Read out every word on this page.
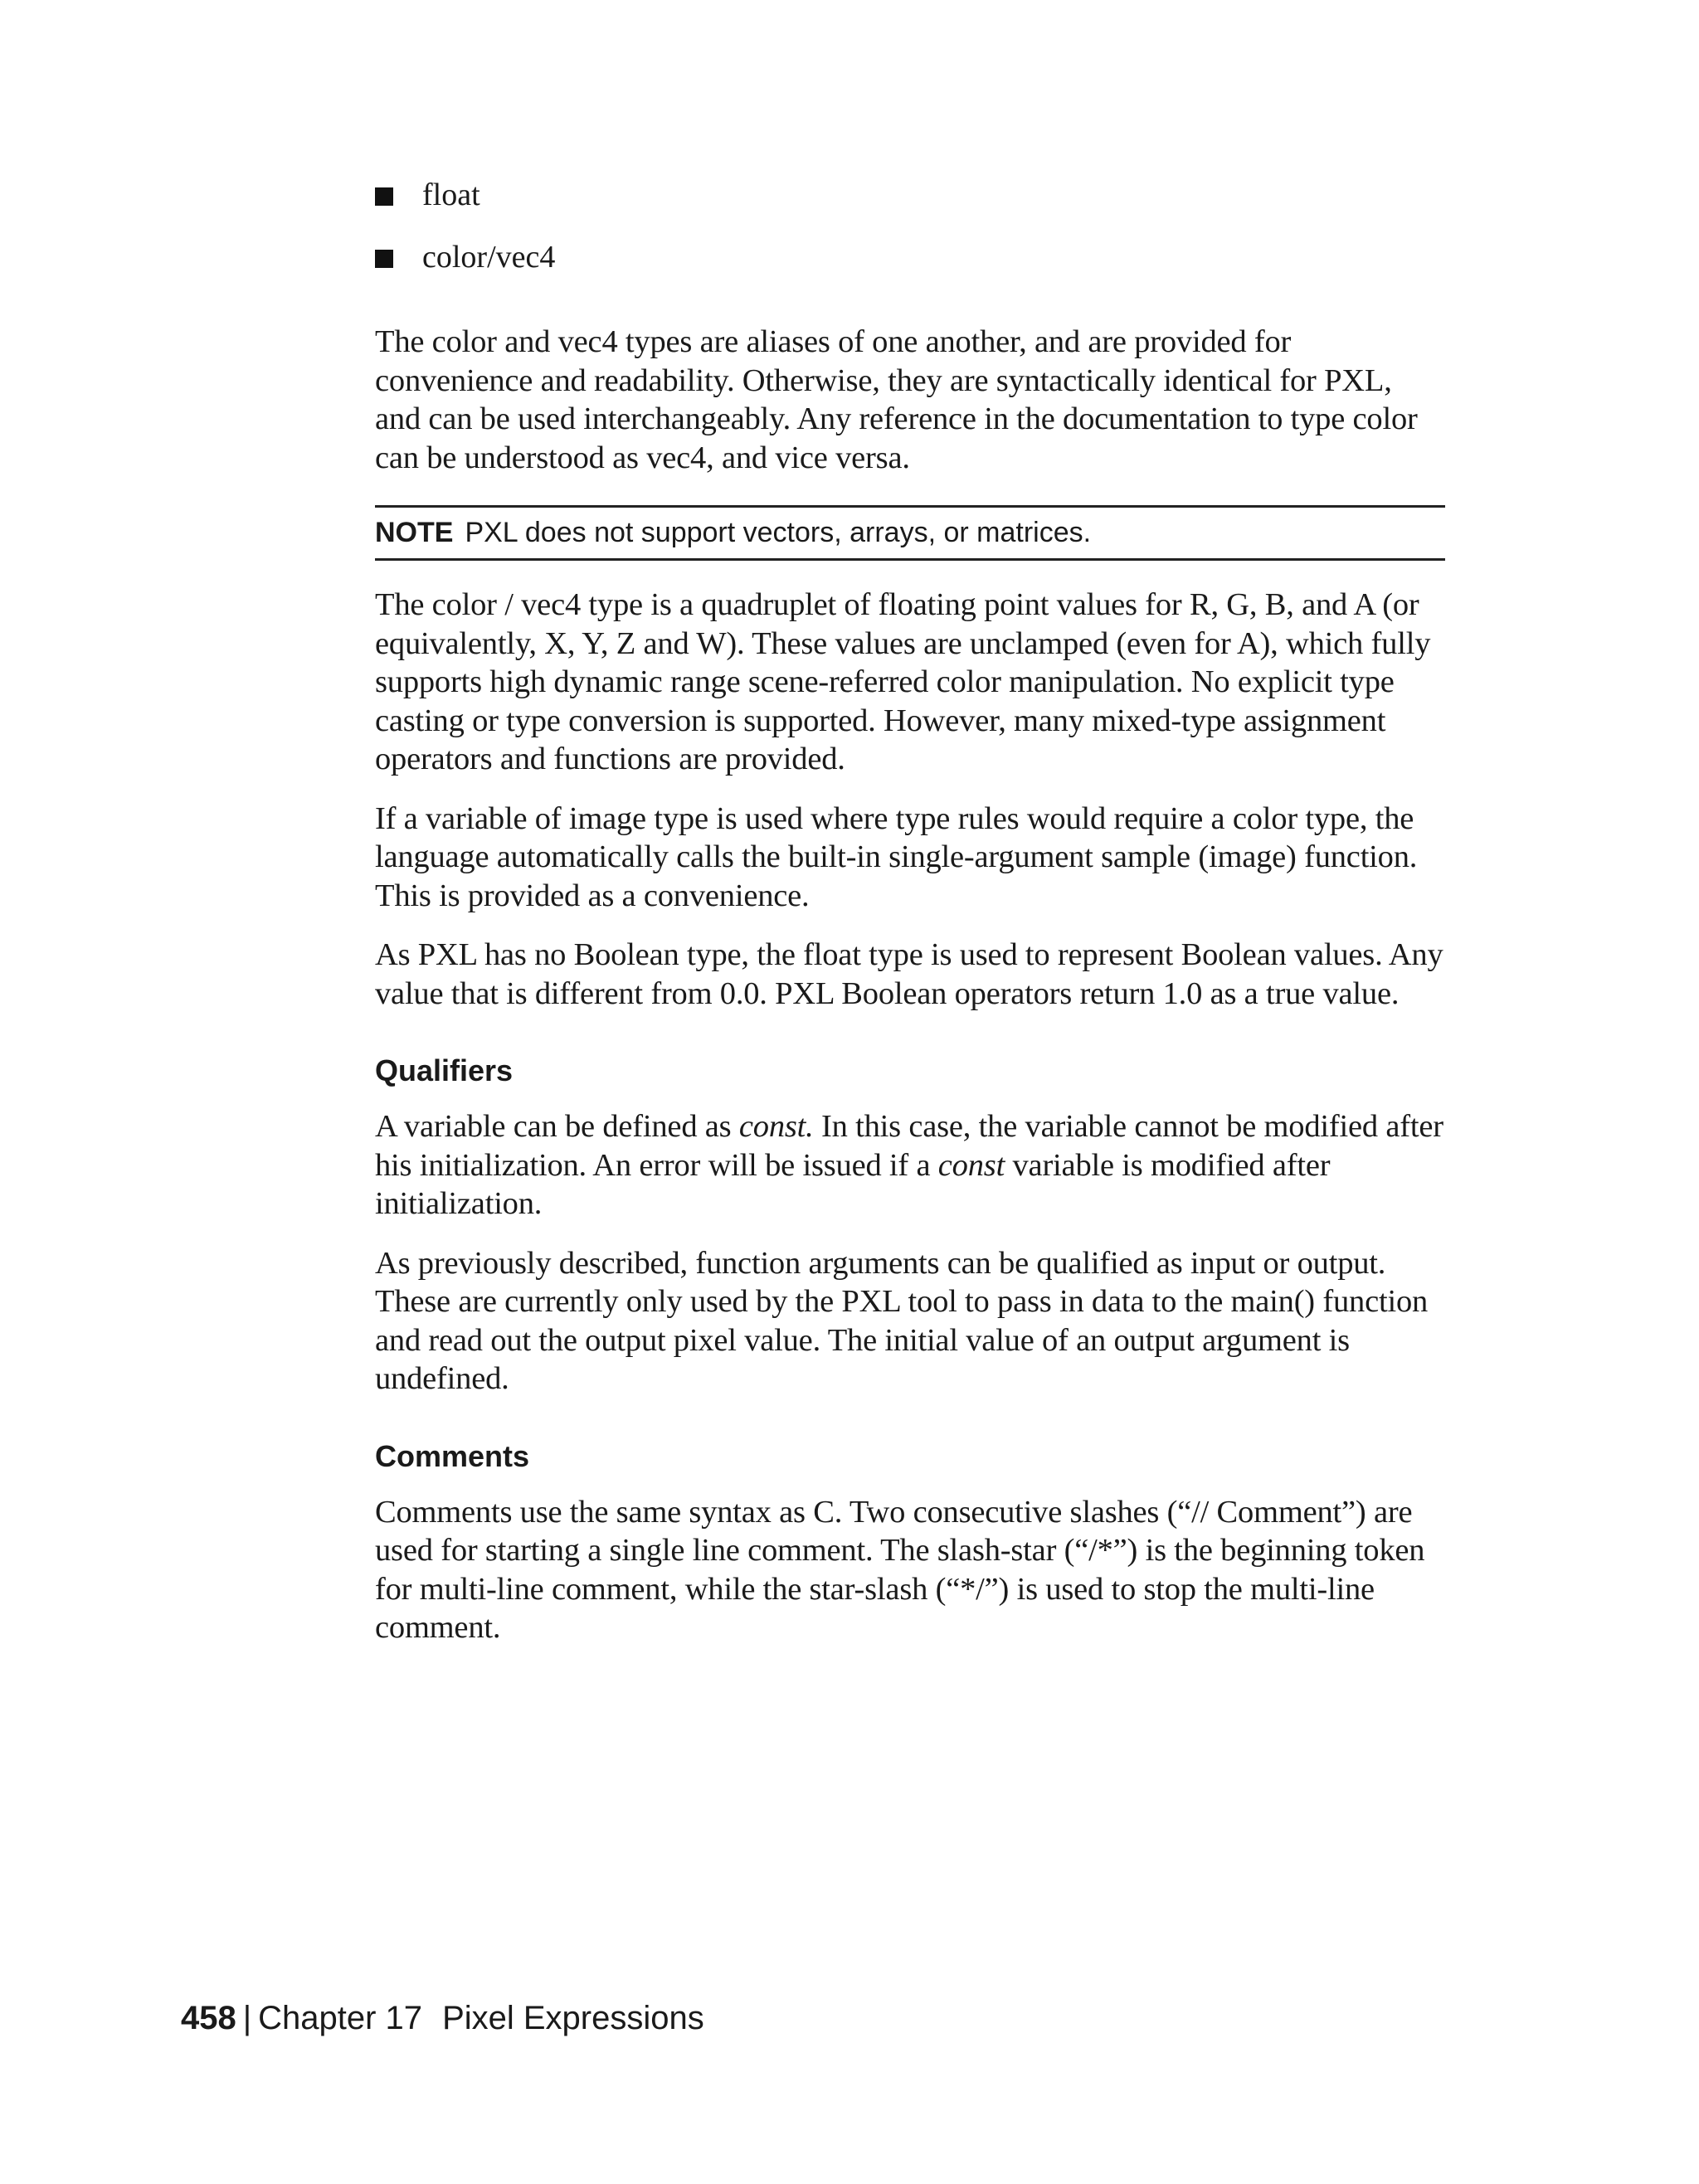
float
color/vec4

The color and vec4 types are aliases of one another, and are provided for convenience and readability. Otherwise, they are syntactically identical for PXL, and can be used interchangeably. Any reference in the documentation to type color can be understood as vec4, and vice versa.

NOTE PXL does not support vectors, arrays, or matrices.

The color / vec4 type is a quadruplet of floating point values for R, G, B, and A (or equivalently, X, Y, Z and W). These values are unclamped (even for A), which fully supports high dynamic range scene-referred color manipulation. No explicit type casting or type conversion is supported. However, many mixed-type assignment operators and functions are provided.

If a variable of image type is used where type rules would require a color type, the language automatically calls the built-in single-argument sample (image) function. This is provided as a convenience.

As PXL has no Boolean type, the float type is used to represent Boolean values. Any value that is different from 0.0. PXL Boolean operators return 1.0 as a true value.

Qualifiers

A variable can be defined as const. In this case, the variable cannot be modified after his initialization. An error will be issued if a const variable is modified after initialization.

As previously described, function arguments can be qualified as input or output. These are currently only used by the PXL tool to pass in data to the main() function and read out the output pixel value. The initial value of an output argument is undefined.

Comments

Comments use the same syntax as C. Two consecutive slashes (“// Comment”) are used for starting a single line comment. The slash-star (“/*”) is the beginning token for multi-line comment, while the star-slash (“*/”) is used to stop the multi-line comment.

458 | Chapter 17 Pixel Expressions
